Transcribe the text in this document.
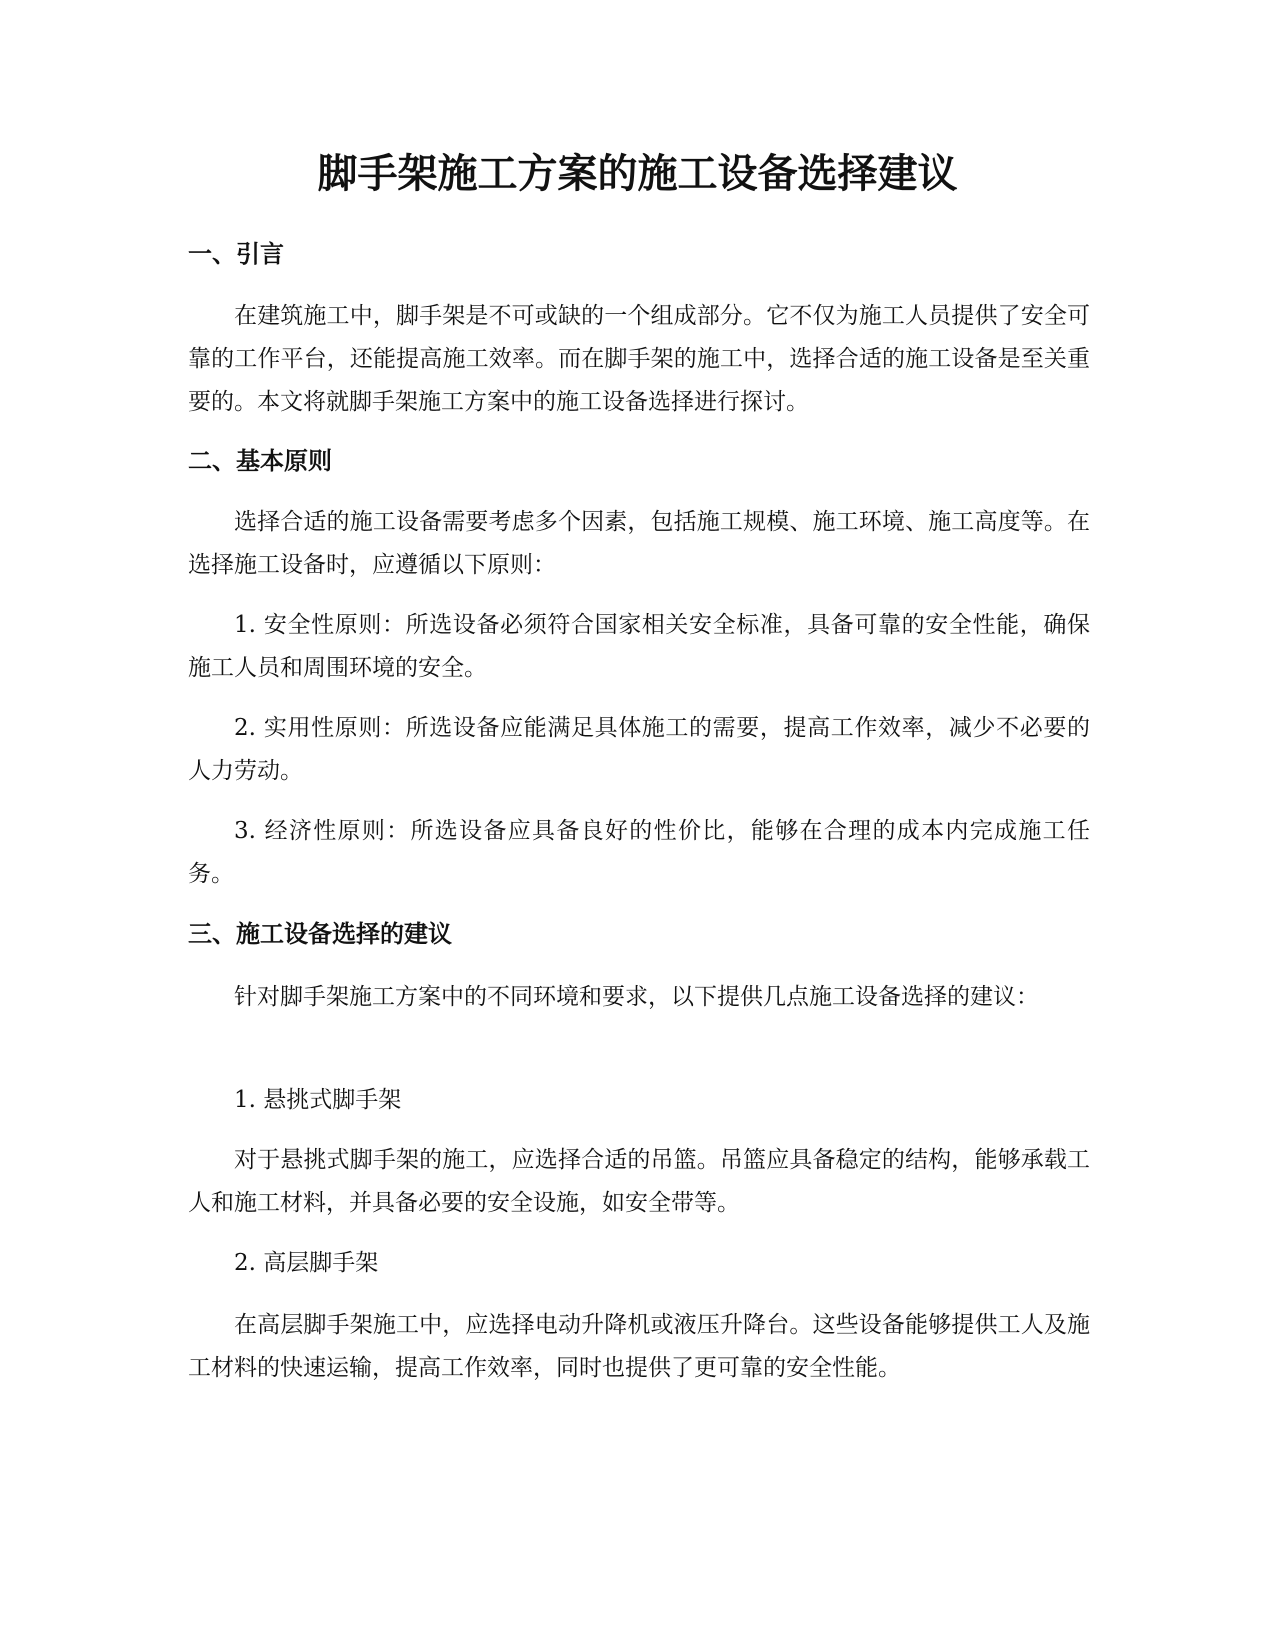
脚手架施工方案的施工设备选择建议
一、引言
在建筑施工中，脚手架是不可或缺的一个组成部分。它不仅为施工人员提供了安全可靠的工作平台，还能提高施工效率。而在脚手架的施工中，选择合适的施工设备是至关重要的。本文将就脚手架施工方案中的施工设备选择进行探讨。
二、基本原则
选择合适的施工设备需要考虑多个因素，包括施工规模、施工环境、施工高度等。在选择施工设备时，应遵循以下原则：
1. 安全性原则：所选设备必须符合国家相关安全标准，具备可靠的安全性能，确保施工人员和周围环境的安全。
2. 实用性原则：所选设备应能满足具体施工的需要，提高工作效率，减少不必要的人力劳动。
3. 经济性原则：所选设备应具备良好的性价比，能够在合理的成本内完成施工任务。
三、施工设备选择的建议
针对脚手架施工方案中的不同环境和要求，以下提供几点施工设备选择的建议：
1. 悬挑式脚手架
对于悬挑式脚手架的施工，应选择合适的吊篮。吊篮应具备稳定的结构，能够承载工人和施工材料，并具备必要的安全设施，如安全带等。
2. 高层脚手架
在高层脚手架施工中，应选择电动升降机或液压升降台。这些设备能够提供工人及施工材料的快速运输，提高工作效率，同时也提供了更可靠的安全性能。
